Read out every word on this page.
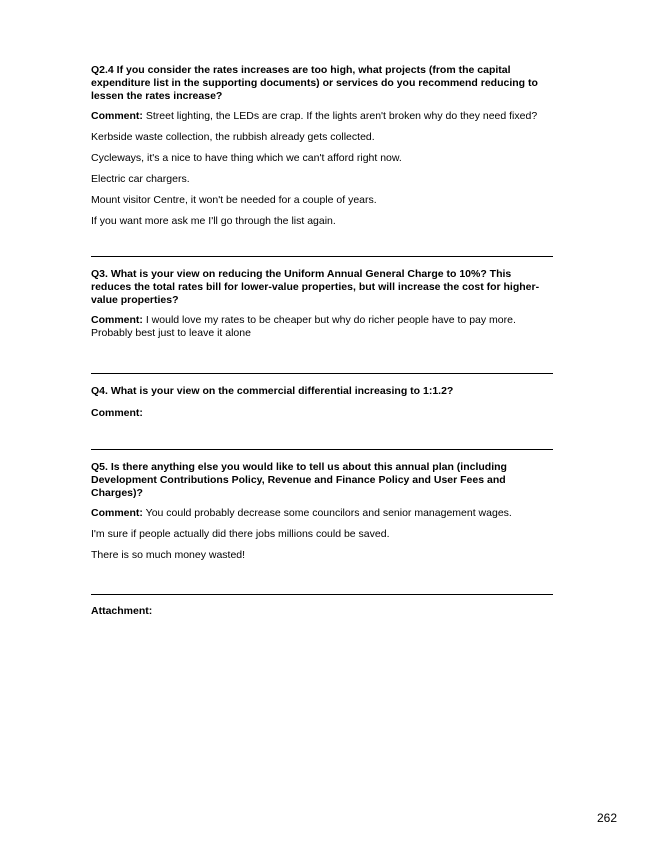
Q2.4 If you consider the rates increases are too high, what projects (from the capital expenditure list in the supporting documents) or services do you recommend reducing to lessen the rates increase?

Comment: Street lighting, the LEDs are crap. If the lights aren't broken why do they need fixed?

Kerbside waste collection, the rubbish already gets collected.

Cycleways, it's a nice to have thing which we can't afford right now.

Electric car chargers.

Mount visitor Centre, it won't be needed for a couple of years.

If you want more ask me I'll go through the list again.

Q3. What is your view on reducing the Uniform Annual General Charge to 10%? This reduces the total rates bill for lower-value properties, but will increase the cost for higher-value properties?

Comment: I would love my rates to be cheaper but why do richer people have to pay more. Probably best just to leave it alone

Q4. What is your view on the commercial differential increasing to 1:1.2?

Comment:

Q5. Is there anything else you would like to tell us about this annual plan (including Development Contributions Policy, Revenue and Finance Policy and User Fees and Charges)?

Comment: You could probably decrease some councilors and senior management wages.

I'm sure if people actually did there jobs millions could be saved.

There is so much money wasted!

Attachment:

262
